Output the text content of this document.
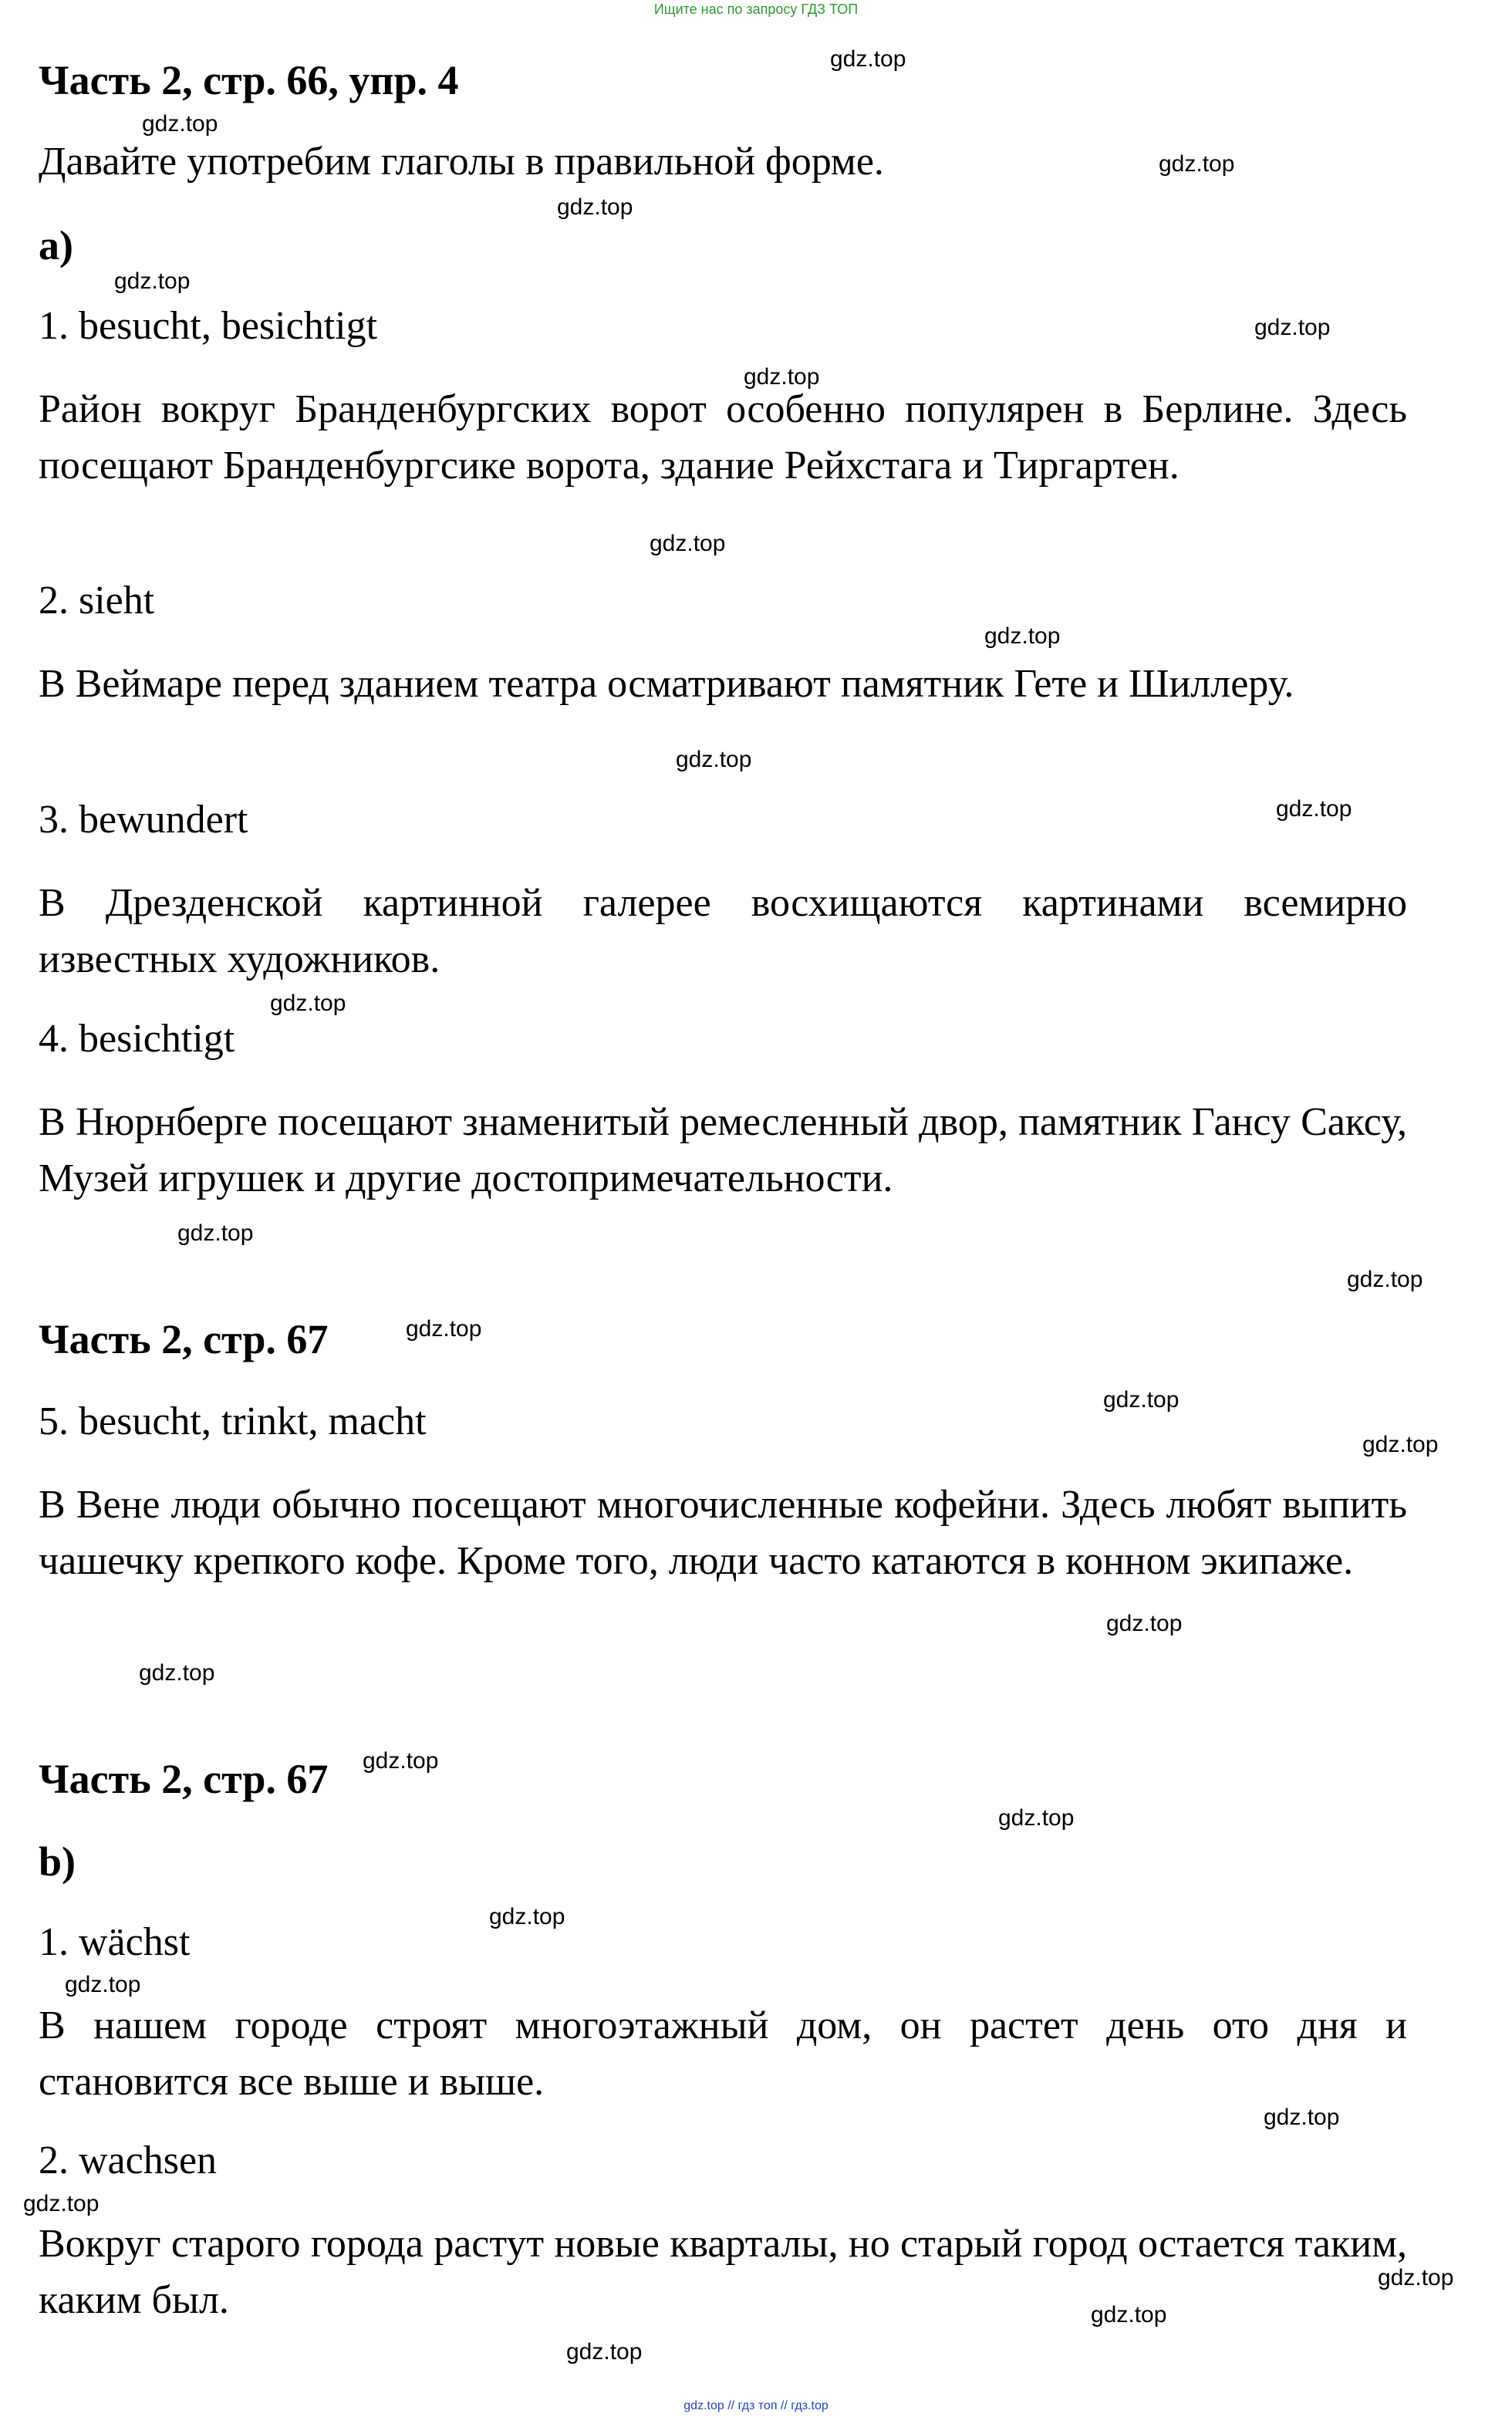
Ищите нас по запросу ГДЗ ТОП
Часть 2, стр. 66, упр. 4
Давайте употребим глаголы в правильной форме.
a)
1. besucht, besichtigt
Район вокруг Бранденбургских ворот особенно популярен в Берлине. Здесь посещают Бранденбургсике ворота, здание Рейхстага и Тиргартен.
2. sieht
В Веймаре перед зданием театра осматривают памятник Гете и Шиллеру.
3. bewundert
В Дрезденской картинной галерее восхищаются картинами всемирно известных художников.
4. besichtigt
В Нюрнберге посещают знаменитый ремесленный двор, памятник Гансу Саксу, Музей игрушек и другие достопримечательности.
Часть 2, стр. 67
5. besucht, trinkt, macht
В Вене люди обычно посещают многочисленные кофейни. Здесь любят выпить чашечку крепкого кофе. Кроме того, люди часто катаются в конном экипаже.
Часть 2, стр. 67
b)
1. wächst
В нашем городе строят многоэтажный дом, он растет день ото дня и становится все выше и выше.
2. wachsen
Вокруг старого города растут новые кварталы, но старый город остается таким, каким был.
gdz.top
gdz.top
gdz.top
gdz.top
gdz.top
gdz.top
gdz.top
gdz.top
gdz.top
gdz.top
gdz.top
gdz.top
gdz.top
gdz.top
gdz.top
gdz.top
gdz.top
gdz.top
gdz.top
gdz.top
gdz.top
gdz.top
gdz.top
gdz.top
gdz.top
gdz.top
gdz.top
gdz.top
gdz.top // гдз топ // гдз.top
